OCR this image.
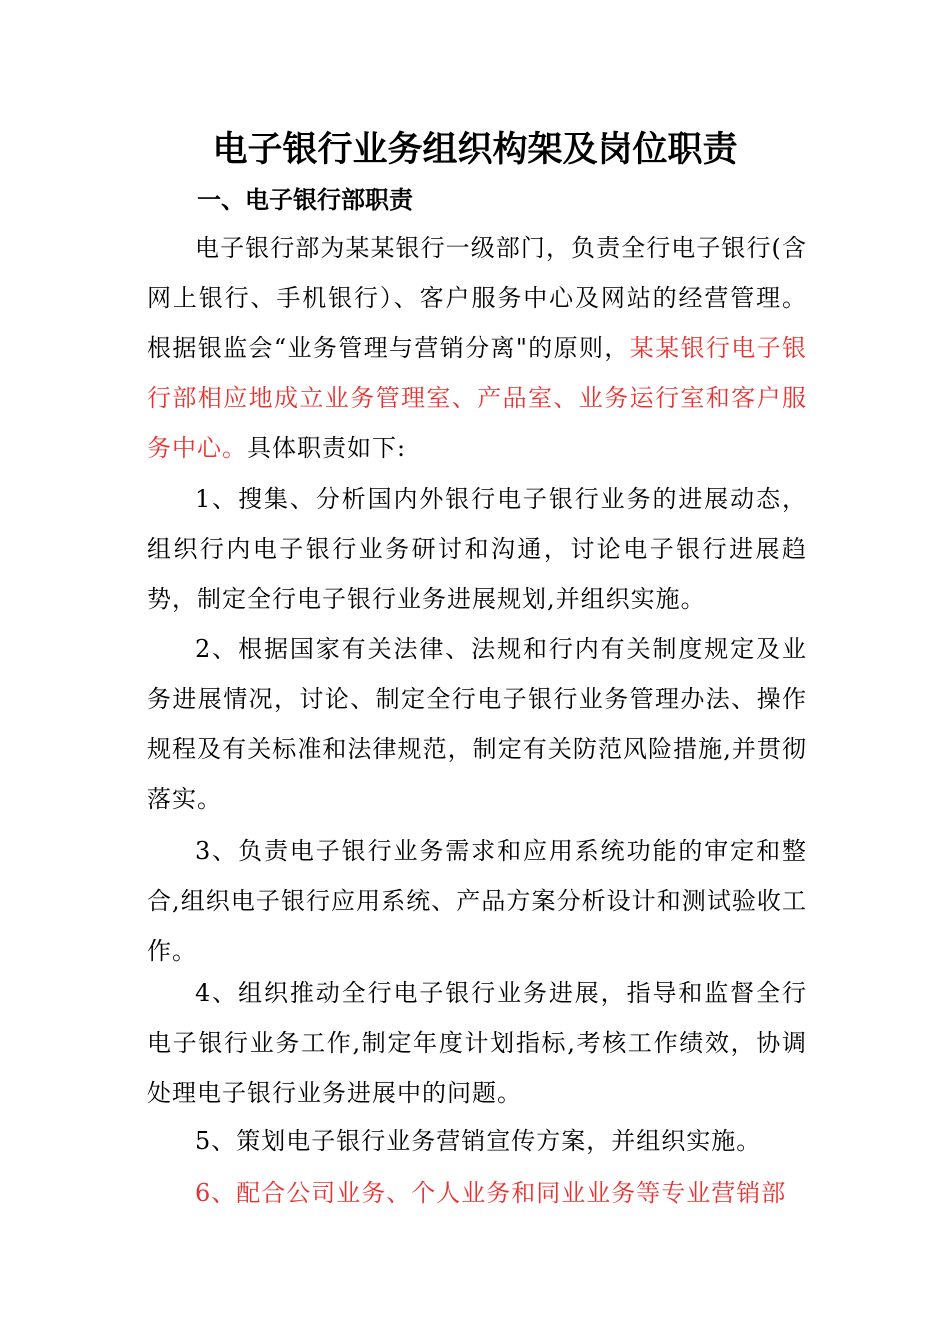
电子银行业务组织构架及岗位职责
一、电子银行部职责

电子银行部为某某银行一级部门，负责全行电子银行(含网上银行、手机银行）、客户服务中心及网站的经营管理。根据银监会“业务管理与营销分离"的原则，某某银行电子银行部相应地成立业务管理室、产品室、业务运行室和客户服务中心。具体职责如下:

1、搜集、分析国内外银行电子银行业务的进展动态，组织行内电子银行业务研讨和沟通，讨论电子银行进展趋势，制定全行电子银行业务进展规划,并组织实施。

2、根据国家有关法律、法规和行内有关制度规定及业务进展情况，讨论、制定全行电子银行业务管理办法、操作规程及有关标准和法律规范，制定有关防范风险措施,并贯彻落实。

3、负责电子银行业务需求和应用系统功能的审定和整合,组织电子银行应用系统、产品方案分析设计和测试验收工作。

4、组织推动全行电子银行业务进展，指导和监督全行电子银行业务工作,制定年度计划指标,考核工作绩效，协调处理电子银行业务进展中的问题。

5、策划电子银行业务营销宣传方案，并组织实施。

6、配合公司业务、个人业务和同业业务等专业营销部
